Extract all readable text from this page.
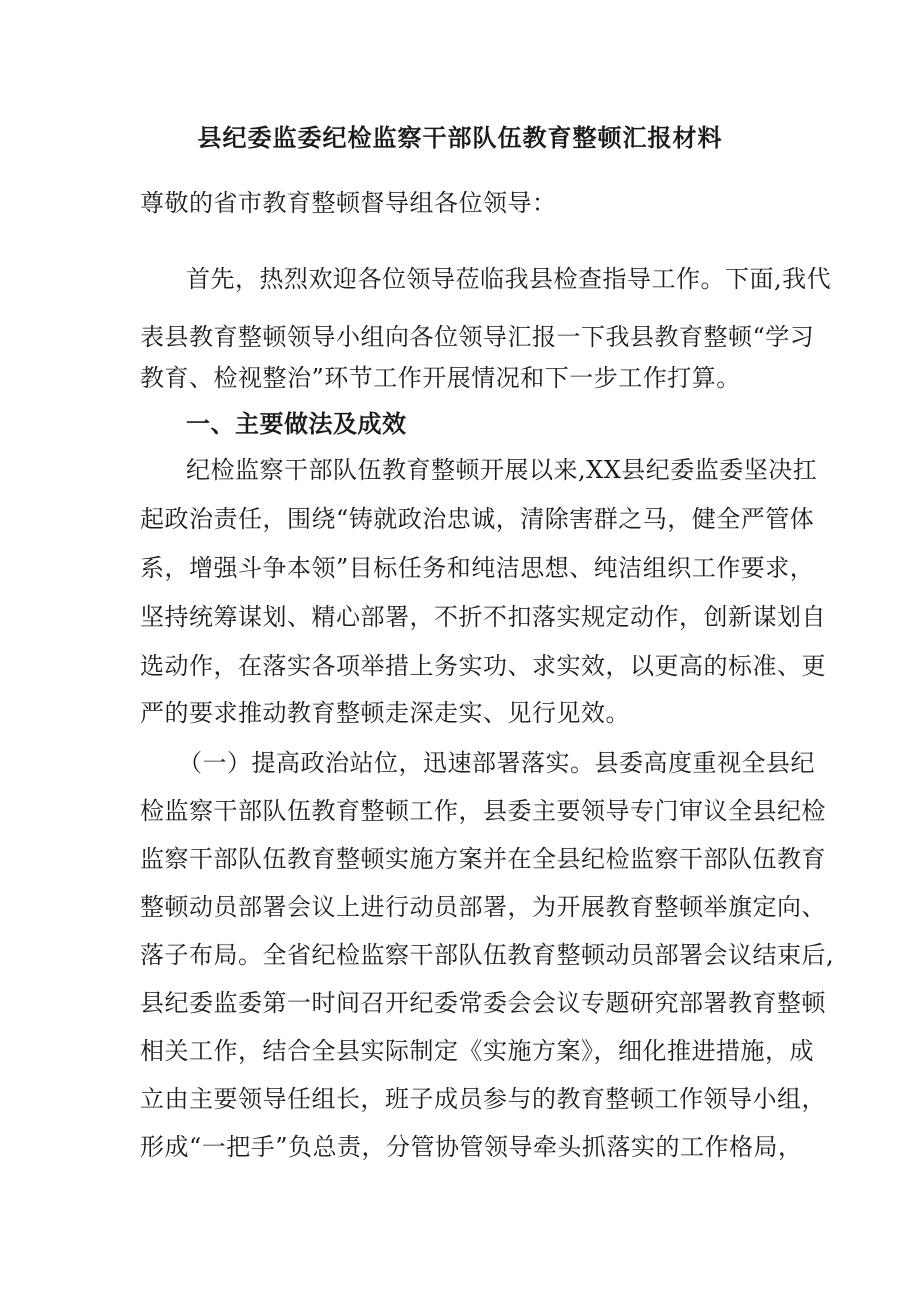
县纪委监委纪检监察干部队伍教育整顿汇报材料
尊敬的省市教育整顿督导组各位领导：
首先，热烈欢迎各位领导莅临我县检查指导工作。下面,我代
表县教育整顿领导小组向各位领导汇报一下我县教育整顿“学习
教育、检视整治”环节工作开展情况和下一步工作打算。
一、主要做法及成效
纪检监察干部队伍教育整顿开展以来,XX县纪委监委坚决扛
起政治责任，围绕“铸就政治忠诚，清除害群之马，健全严管体
系，增强斗争本领”目标任务和纯洁思想、纯洁组织工作要求，
坚持统筹谋划、精心部署，不折不扣落实规定动作，创新谋划自
选动作，在落实各项举措上务实功、求实效，以更高的标准、更
严的要求推动教育整顿走深走实、见行见效。
（一）提高政治站位，迅速部署落实。县委高度重视全县纪
检监察干部队伍教育整顿工作，县委主要领导专门审议全县纪检
监察干部队伍教育整顿实施方案并在全县纪检监察干部队伍教育
整顿动员部署会议上进行动员部署，为开展教育整顿举旗定向、
落子布局。全省纪检监察干部队伍教育整顿动员部署会议结束后,
县纪委监委第一时间召开纪委常委会会议专题研究部署教育整顿
相关工作，结合全县实际制定《实施方案》，细化推进措施，成
立由主要领导任组长，班子成员参与的教育整顿工作领导小组，
形成“一把手”负总责，分管协管领导牵头抓落实的工作格局，
